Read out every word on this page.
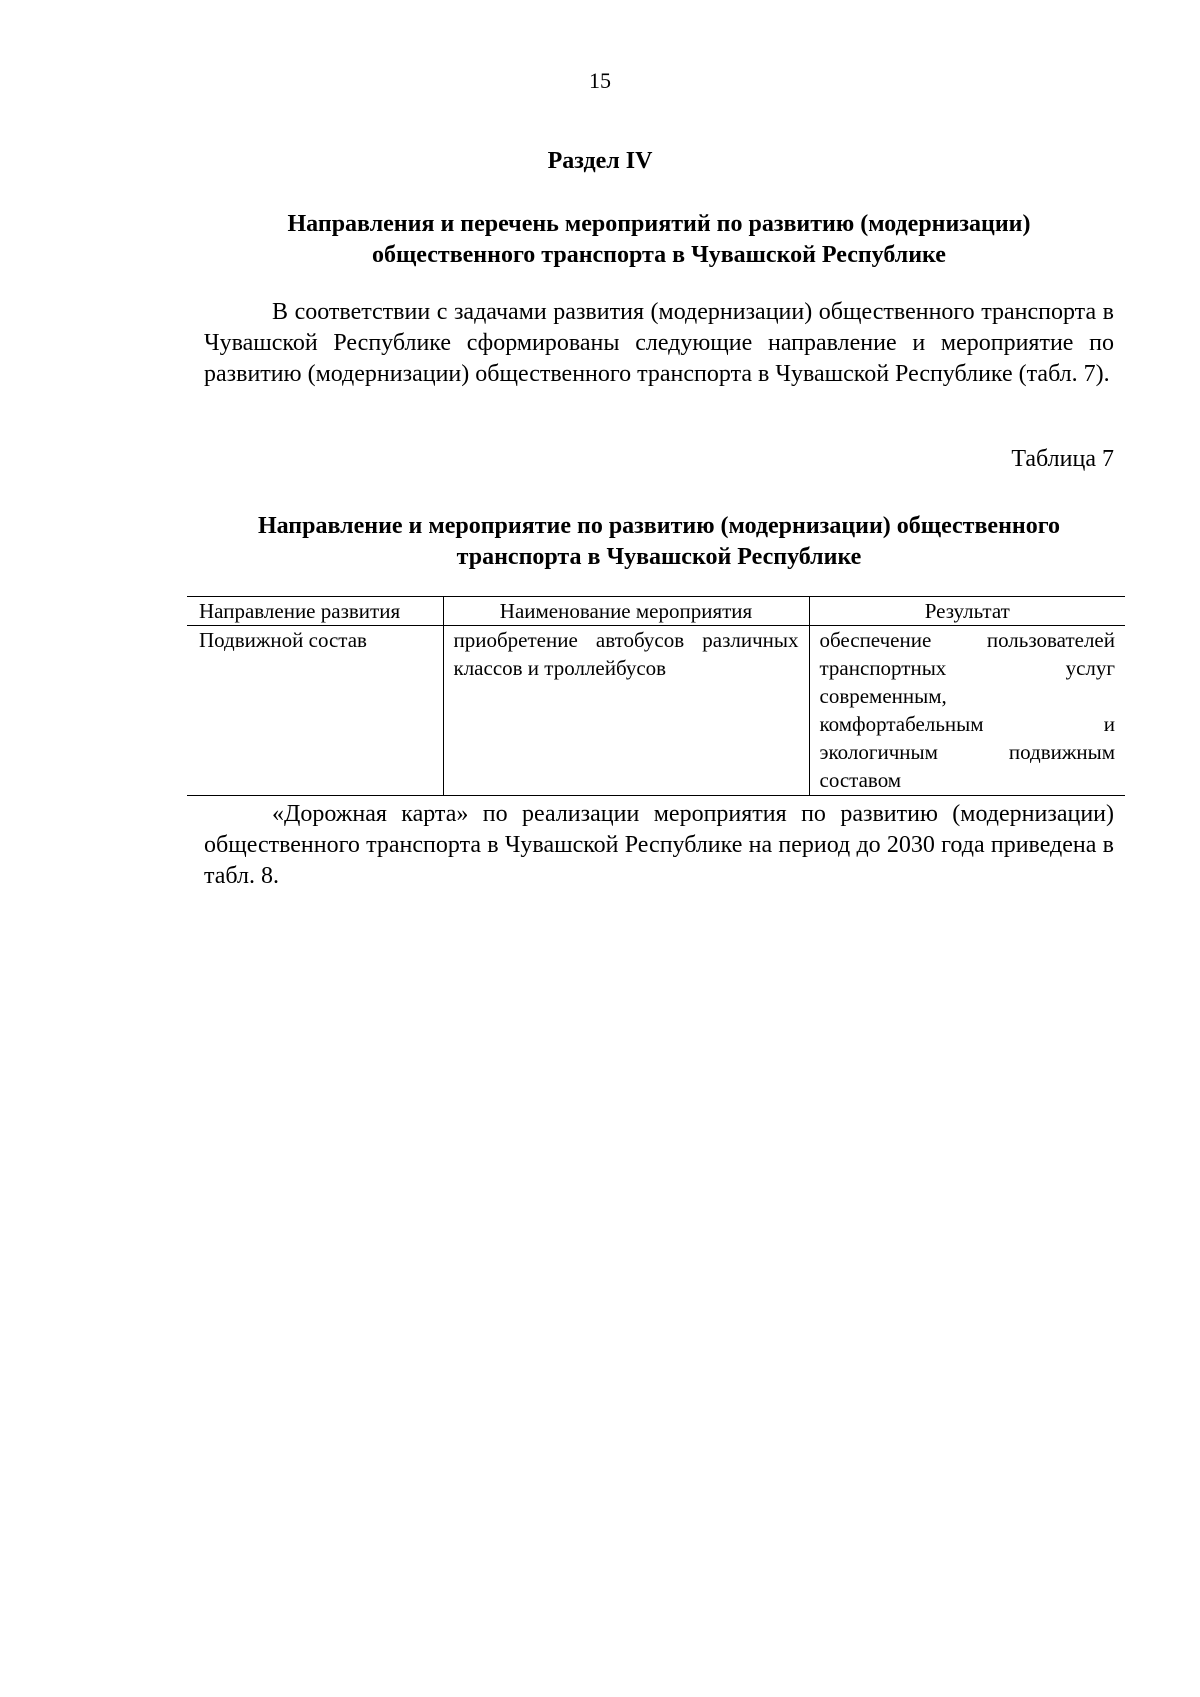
15
Раздел IV
Направления и перечень мероприятий по развитию (модернизации)
общественного транспорта в Чувашской Республике

В соответствии с задачами развития (модернизации) общественного транспорта в Чувашской Республике сформированы следующие направление и мероприятие по развитию (модернизации) общественного транспорта в Чувашской Республике (табл. 7).

Таблица 7
Направление и мероприятие по развитию (модернизации) общественного
транспорта в Чувашской Республике
Направление развития	Наименование мероприятия	Результат
Подвижной состав	приобретение автобусов различных классов и троллейбусов	обеспечение пользователей транспортных услуг современным, комфортабельным и экологичным подвижным составом

«Дорожная карта» по реализации мероприятия по развитию (модернизации) общественного транспорта в Чувашской Республике на период до 2030 года приведена в табл. 8.
